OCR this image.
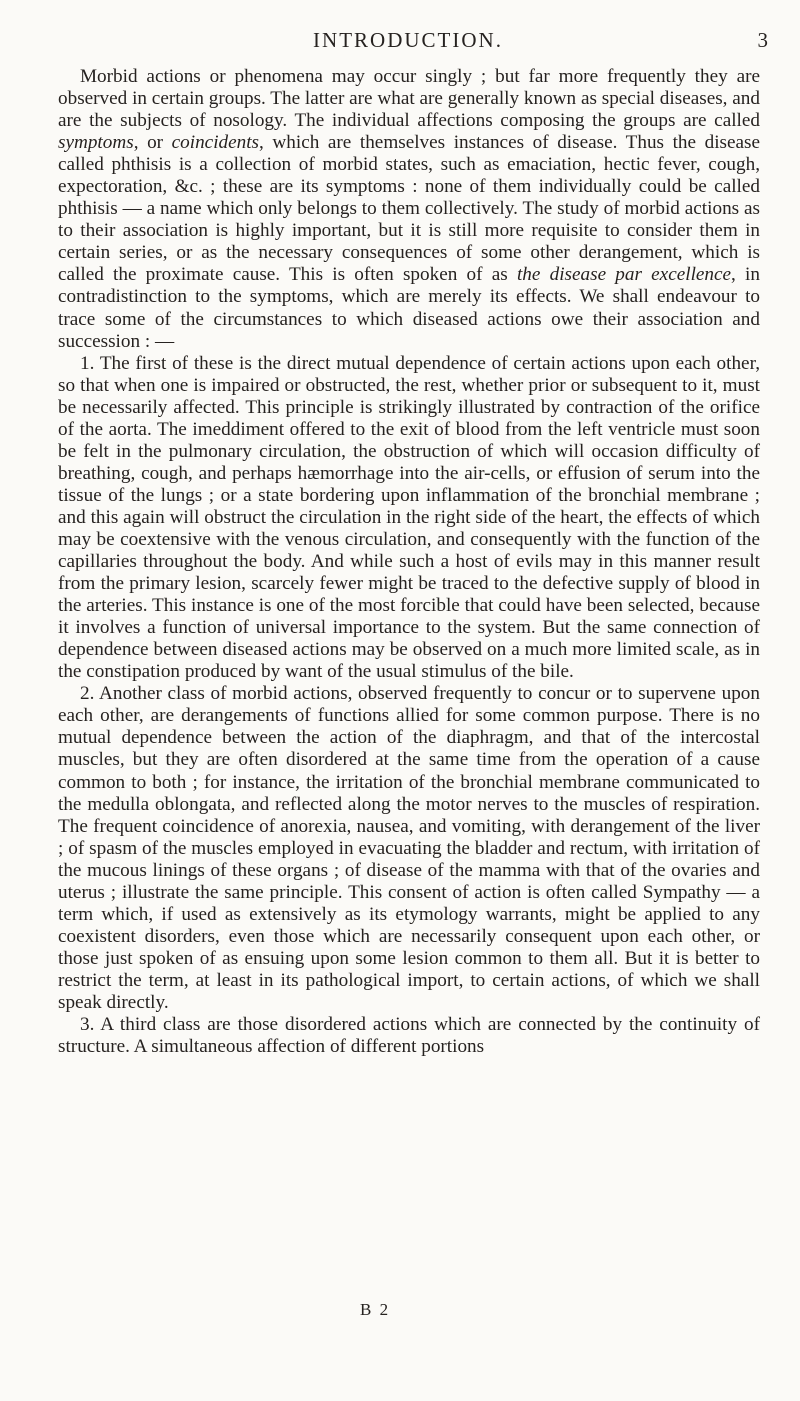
INTRODUCTION.	3

Morbid actions or phenomena may occur singly ; but far more frequently they are observed in certain groups. The latter are what are generally known as special diseases, and are the subjects of nosology. The individual affections composing the groups are called symptoms, or coincidents, which are themselves instances of disease. Thus the disease called phthisis is a collection of morbid states, such as emaciation, hectic fever, cough, expectoration, &c. ; these are its symptoms : none of them individually could be called phthisis — a name which only belongs to them collectively. The study of morbid actions as to their association is highly important, but it is still more requisite to consider them in certain series, or as the necessary consequences of some other derangement, which is called the proximate cause. This is often spoken of as the disease par excellence, in contradistinction to the symptoms, which are merely its effects. We shall endeavour to trace some of the circumstances to which diseased actions owe their association and succession : —

1. The first of these is the direct mutual dependence of certain actions upon each other, so that when one is impaired or obstructed, the rest, whether prior or subsequent to it, must be necessarily affected. This principle is strikingly illustrated by contraction of the orifice of the aorta. The imeddiment offered to the exit of blood from the left ventricle must soon be felt in the pulmonary circulation, the obstruction of which will occasion difficulty of breathing, cough, and perhaps hæmorrhage into the air-cells, or effusion of serum into the tissue of the lungs ; or a state bordering upon inflammation of the bronchial membrane ; and this again will obstruct the circulation in the right side of the heart, the effects of which may be coextensive with the venous circulation, and consequently with the function of the capillaries throughout the body. And while such a host of evils may in this manner result from the primary lesion, scarcely fewer might be traced to the defective supply of blood in the arteries. This instance is one of the most forcible that could have been selected, because it involves a function of universal importance to the system. But the same connection of dependence between diseased actions may be observed on a much more limited scale, as in the constipation produced by want of the usual stimulus of the bile.

2. Another class of morbid actions, observed frequently to concur or to supervene upon each other, are derangements of functions allied for some common purpose. There is no mutual dependence between the action of the diaphragm, and that of the intercostal muscles, but they are often disordered at the same time from the operation of a cause common to both ; for instance, the irritation of the bronchial membrane communicated to the medulla oblongata, and reflected along the motor nerves to the muscles of respiration. The frequent coincidence of anorexia, nausea, and vomiting, with derangement of the liver ; of spasm of the muscles employed in evacuating the bladder and rectum, with irritation of the mucous linings of these organs ; of disease of the mamma with that of the ovaries and uterus ; illustrate the same principle. This consent of action is often called Sympathy — a term which, if used as extensively as its etymology warrants, might be applied to any coexistent disorders, even those which are necessarily consequent upon each other, or those just spoken of as ensuing upon some lesion common to them all. But it is better to restrict the term, at least in its pathological import, to certain actions, of which we shall speak directly.

3. A third class are those disordered actions which are connected by the continuity of structure. A simultaneous affection of different portions

B 2
